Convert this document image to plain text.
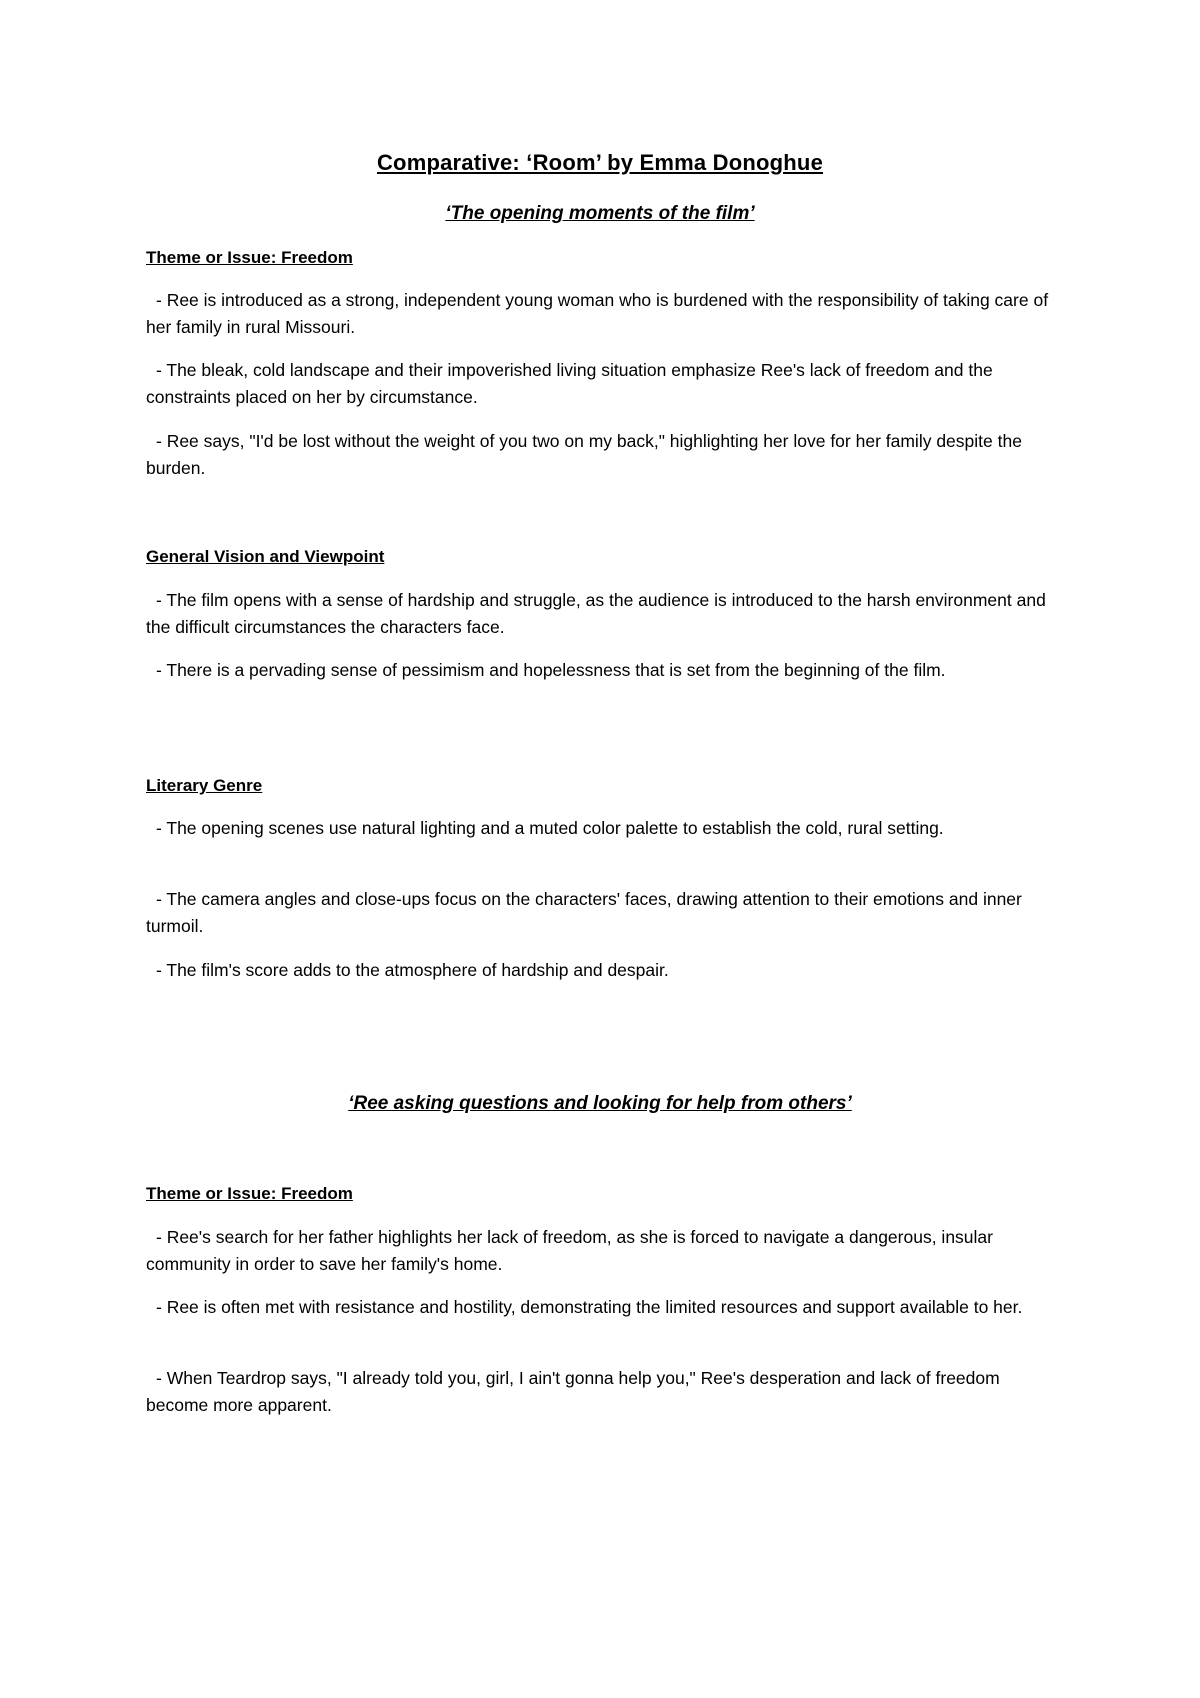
Comparative: ‘Room’ by Emma Donoghue
‘The opening moments of the film’
Theme or Issue: Freedom
- Ree is introduced as a strong, independent young woman who is burdened with the responsibility of taking care of her family in rural Missouri.
- The bleak, cold landscape and their impoverished living situation emphasize Ree's lack of freedom and the constraints placed on her by circumstance.
- Ree says, "I'd be lost without the weight of you two on my back," highlighting her love for her family despite the burden.
General Vision and Viewpoint
- The film opens with a sense of hardship and struggle, as the audience is introduced to the harsh environment and the difficult circumstances the characters face.
- There is a pervading sense of pessimism and hopelessness that is set from the beginning of the film.
Literary Genre
- The opening scenes use natural lighting and a muted color palette to establish the cold, rural setting.
- The camera angles and close-ups focus on the characters' faces, drawing attention to their emotions and inner turmoil.
- The film's score adds to the atmosphere of hardship and despair.
‘Ree asking questions and looking for help from others’
Theme or Issue: Freedom
- Ree's search for her father highlights her lack of freedom, as she is forced to navigate a dangerous, insular community in order to save her family's home.
- Ree is often met with resistance and hostility, demonstrating the limited resources and support available to her.
- When Teardrop says, "I already told you, girl, I ain't gonna help you," Ree's desperation and lack of freedom become more apparent.
